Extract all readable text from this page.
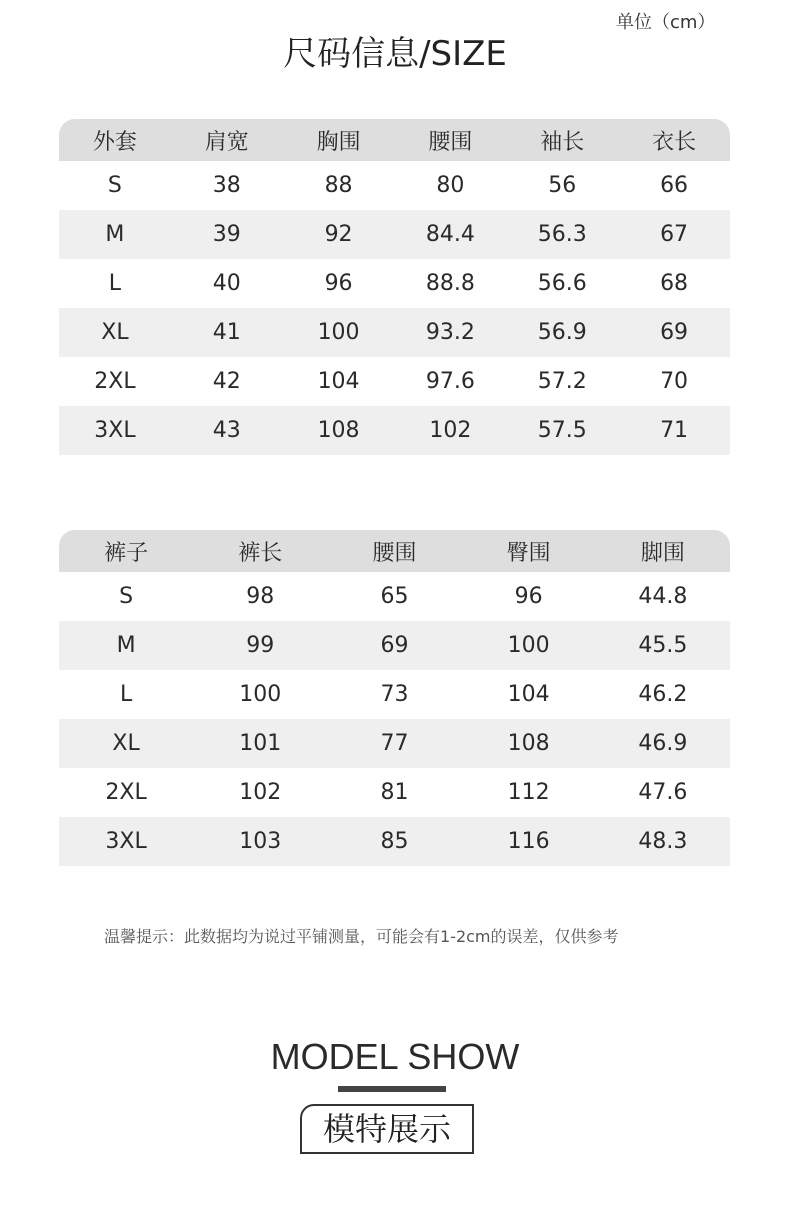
单位（cm）
尺码信息/SIZE
外套	肩宽	胸围	腰围	袖长	衣长
S	38	88	80	56	66
M	39	92	84.4	56.3	67
L	40	96	88.8	56.6	68
XL	41	100	93.2	56.9	69
2XL	42	104	97.6	57.2	70
3XL	43	108	102	57.5	71
裤子	裤长	腰围	臀围	脚围
S	98	65	96	44.8
M	99	69	100	45.5
L	100	73	104	46.2
XL	101	77	108	46.9
2XL	102	81	112	47.6
3XL	103	85	116	48.3
温馨提示：此数据均为说过平铺测量，可能会有1-2cm的误差，仅供参考
MODEL SHOW
模特展示
